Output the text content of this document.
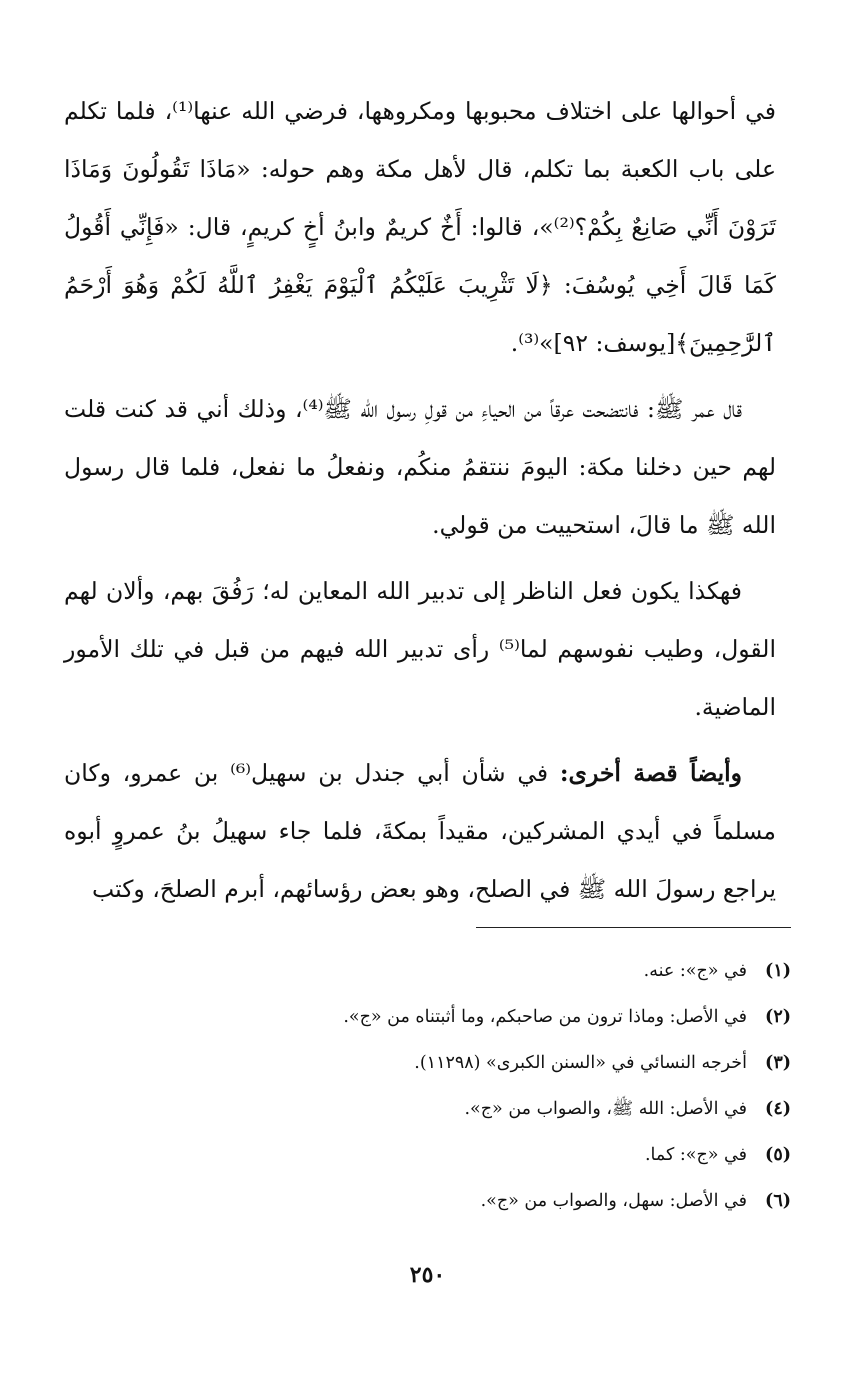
في أحوالها على اختلاف محبوبها ومكروهها، فرضي الله عنها⁽¹⁾، فلما تكلم على باب الكعبة بما تكلم، قال لأهل مكة وهم حوله: «مَاذَا تَقُولُونَ وَمَاذَا تَرَوْنَ أَنِّي صَانِعٌ بِكُمْ؟⁽²⁾»، قالوا: أَخٌ كريمٌ وابنُ أخٍ كريمٍ، قال: «فَإِنِّي أَقُولُ كَمَا قَالَ أَخِي يُوسُفَ: ﴿لَا تَثْرِيبَ عَلَيْكُمُ ٱلْيَوْمَ يَغْفِرُ ٱللَّهُ لَكُمْ وَهُوَ أَرْحَمُ ٱلرَّٰحِمِينَ﴾[يوسف: ٩٢]»⁽³⁾.

قال عمر ﷺ: فانتضحت عرقاً من الحياءِ من قولِ رسول الله ﷺ⁽⁴⁾، وذلك أني قد كنت قلت لهم حين دخلنا مكة: اليومَ ننتقمُ منكُم، ونفعلُ ما نفعل، فلما قال رسول الله ﷺ ما قالَ، استحييت من قولي.

فهكذا يكون فعل الناظر إلى تدبير الله المعاين له؛ رَفُقَ بهم، وألان لهم القول، وطيب نفوسهم لما⁽⁵⁾ رأى تدبير الله فيهم من قبل في تلك الأمور الماضية.

وأيضاً قصة أخرى: في شأن أبي جندل بن سهيل⁽⁶⁾ بن عمرو، وكان مسلماً في أيدي المشركين، مقيداً بمكةَ، فلما جاء سهيلُ بنُ عمروٍ أبوه يراجع رسولَ الله ﷺ في الصلح، وهو بعض رؤسائهم، أبرم الصلحَ، وكتب

(١)
في «ج»: عنه.
(٢)
في الأصل: وماذا ترون من صاحبكم، وما أثبتناه من «ج».
(٣)
أخرجه النسائي في «السنن الكبرى» (١١٢٩٨).
(٤)
في الأصل: الله ﷺ، والصواب من «ج».
(٥)
في «ج»: كما.
(٦)
في الأصل: سهل، والصواب من «ج».
٢٥٠
